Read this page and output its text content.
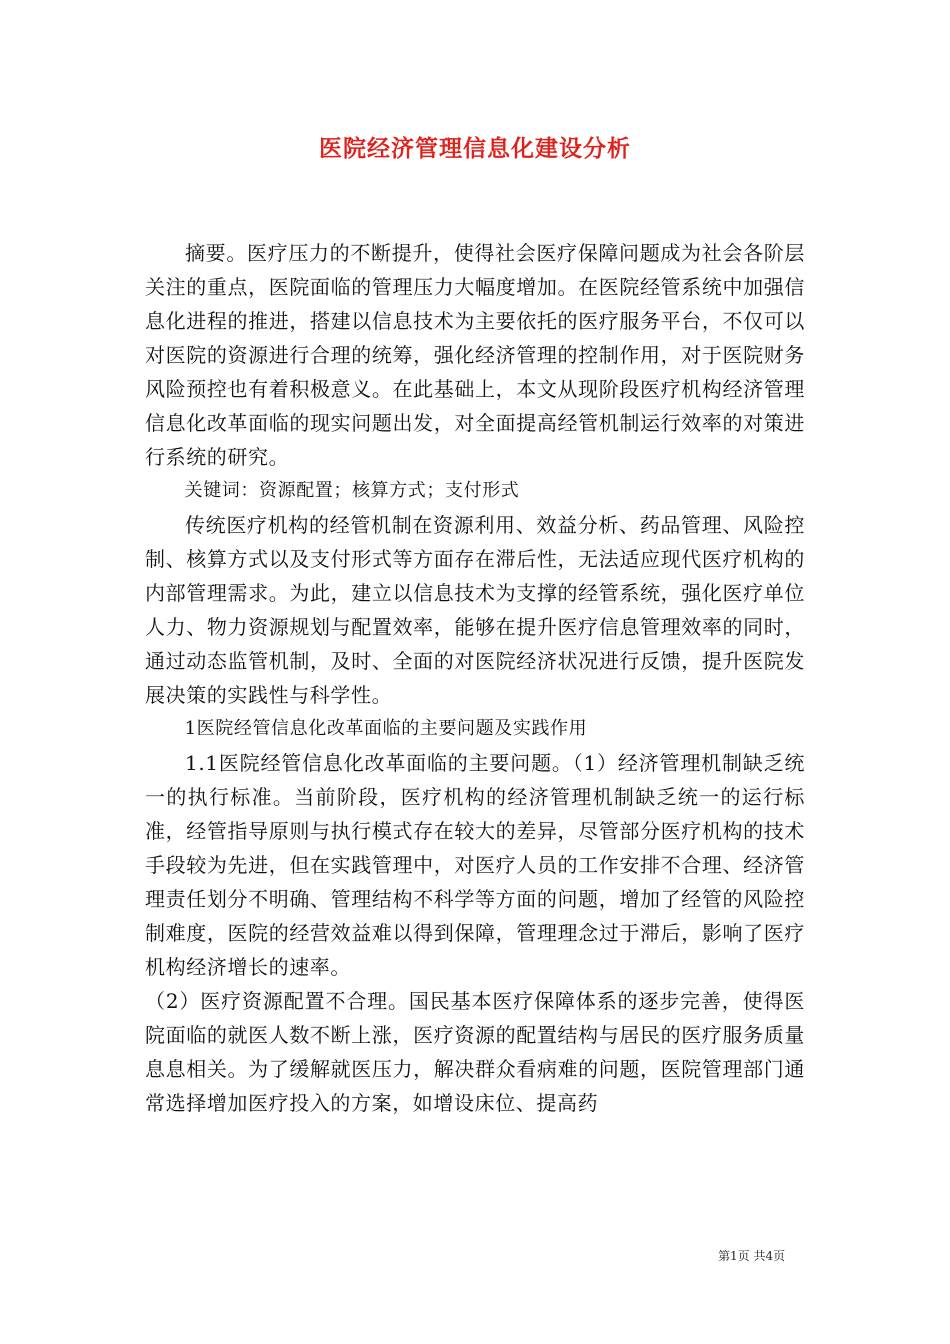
医院经济管理信息化建设分析

摘要。医疗压力的不断提升，使得社会医疗保障问题成为社会各阶层关注的重点，医院面临的管理压力大幅度增加。在医院经管系统中加强信息化进程的推进，搭建以信息技术为主要依托的医疗服务平台，不仅可以对医院的资源进行合理的统筹，强化经济管理的控制作用，对于医院财务风险预控也有着积极意义。在此基础上，本文从现阶段医疗机构经济管理信息化改革面临的现实问题出发，对全面提高经管机制运行效率的对策进行系统的研究。

关键词：资源配置；核算方式；支付形式

传统医疗机构的经管机制在资源利用、效益分析、药品管理、风险控制、核算方式以及支付形式等方面存在滞后性，无法适应现代医疗机构的内部管理需求。为此，建立以信息技术为支撑的经管系统，强化医疗单位人力、物力资源规划与配置效率，能够在提升医疗信息管理效率的同时，通过动态监管机制，及时、全面的对医院经济状况进行反馈，提升医院发展决策的实践性与科学性。

1医院经管信息化改革面临的主要问题及实践作用

1.1医院经管信息化改革面临的主要问题。（1）经济管理机制缺乏统一的执行标准。当前阶段，医疗机构的经济管理机制缺乏统一的运行标准，经管指导原则与执行模式存在较大的差异，尽管部分医疗机构的技术手段较为先进，但在实践管理中，对医疗人员的工作安排不合理、经济管理责任划分不明确、管理结构不科学等方面的问题，增加了经管的风险控制难度，医院的经营效益难以得到保障，管理理念过于滞后，影响了医疗机构经济增长的速率。

（2）医疗资源配置不合理。国民基本医疗保障体系的逐步完善，使得医院面临的就医人数不断上涨，医疗资源的配置结构与居民的医疗服务质量息息相关。为了缓解就医压力，解决群众看病难的问题，医院管理部门通常选择增加医疗投入的方案，如增设床位、提高药

第1页 共4页
